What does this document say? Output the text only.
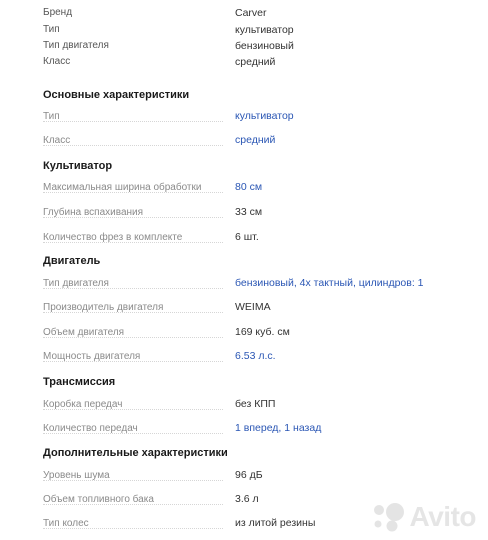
Бренд	Carver
Тип	культиватор
Тип двигателя	бензиновый
Класс	средний
Основные характеристики
Тип	культиватор
Класс	средний
Культиватор
Максимальная ширина обработки	80 см
Глубина вспахивания	33 см
Количество фрез в комплекте	6 шт.
Двигатель
Тип двигателя	бензиновый, 4х тактный, цилиндров: 1
Производитель двигателя	WEIMA
Объем двигателя	169 куб. см
Мощность двигателя	6.53 л.с.
Трансмиссия
Коробка передач	без КПП
Количество передач	1 вперед, 1 назад
Дополнительные характеристики
Уровень шума	96 дБ
Объем топливного бака	3.6 л
Тип колес	из литой резины	Avito
